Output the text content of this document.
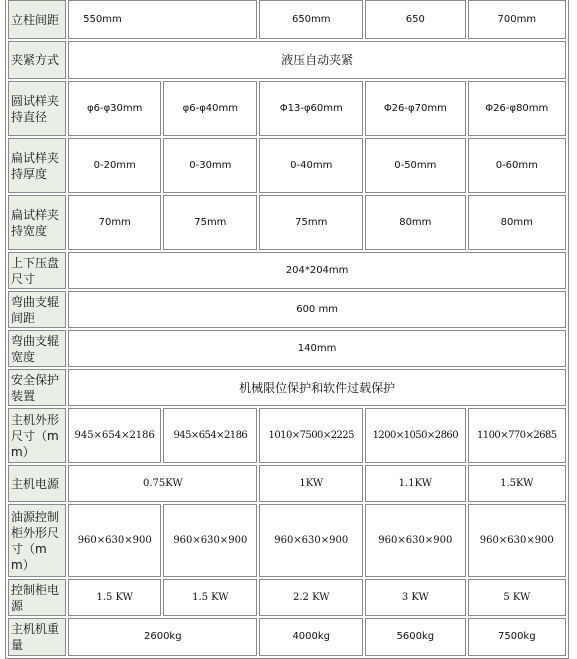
立柱间距	550mm		650mm	650	700mm
夹紧方式	液压自动夹紧				
圆试样夹持直径	φ6-φ30mm	φ6-φ40mm	Φ13-φ60mm	Φ26-φ70mm	Φ26-φ80mm
扁试样夹持厚度	0-20mm	0-30mm	0-40mm	0-50mm	0-60mm
扁试样夹持宽度	70mm	75mm	75mm	80mm	80mm
上下压盘尺寸	204*204mm				
弯曲支辊间距	600 mm				
弯曲支辊宽度	140mm				
安全保护装置	机械限位保护和软件过载保护				
主机外形尺寸（mm）	945×654×2186	945×654×2186	1010×7500×2225	1200×1050×2860	1100×770×2685
主机电源	0.75KW		1KW	1.1KW	1.5KW
油源控制柜外形尺寸（mm）	960×630×900	960×630×900	960×630×900	960×630×900	960×630×900
控制柜电源	1.5 KW	1.5 KW	2.2 KW	3 KW	5 KW
主机机重量	2600kg		4000kg	5600kg	7500kg
